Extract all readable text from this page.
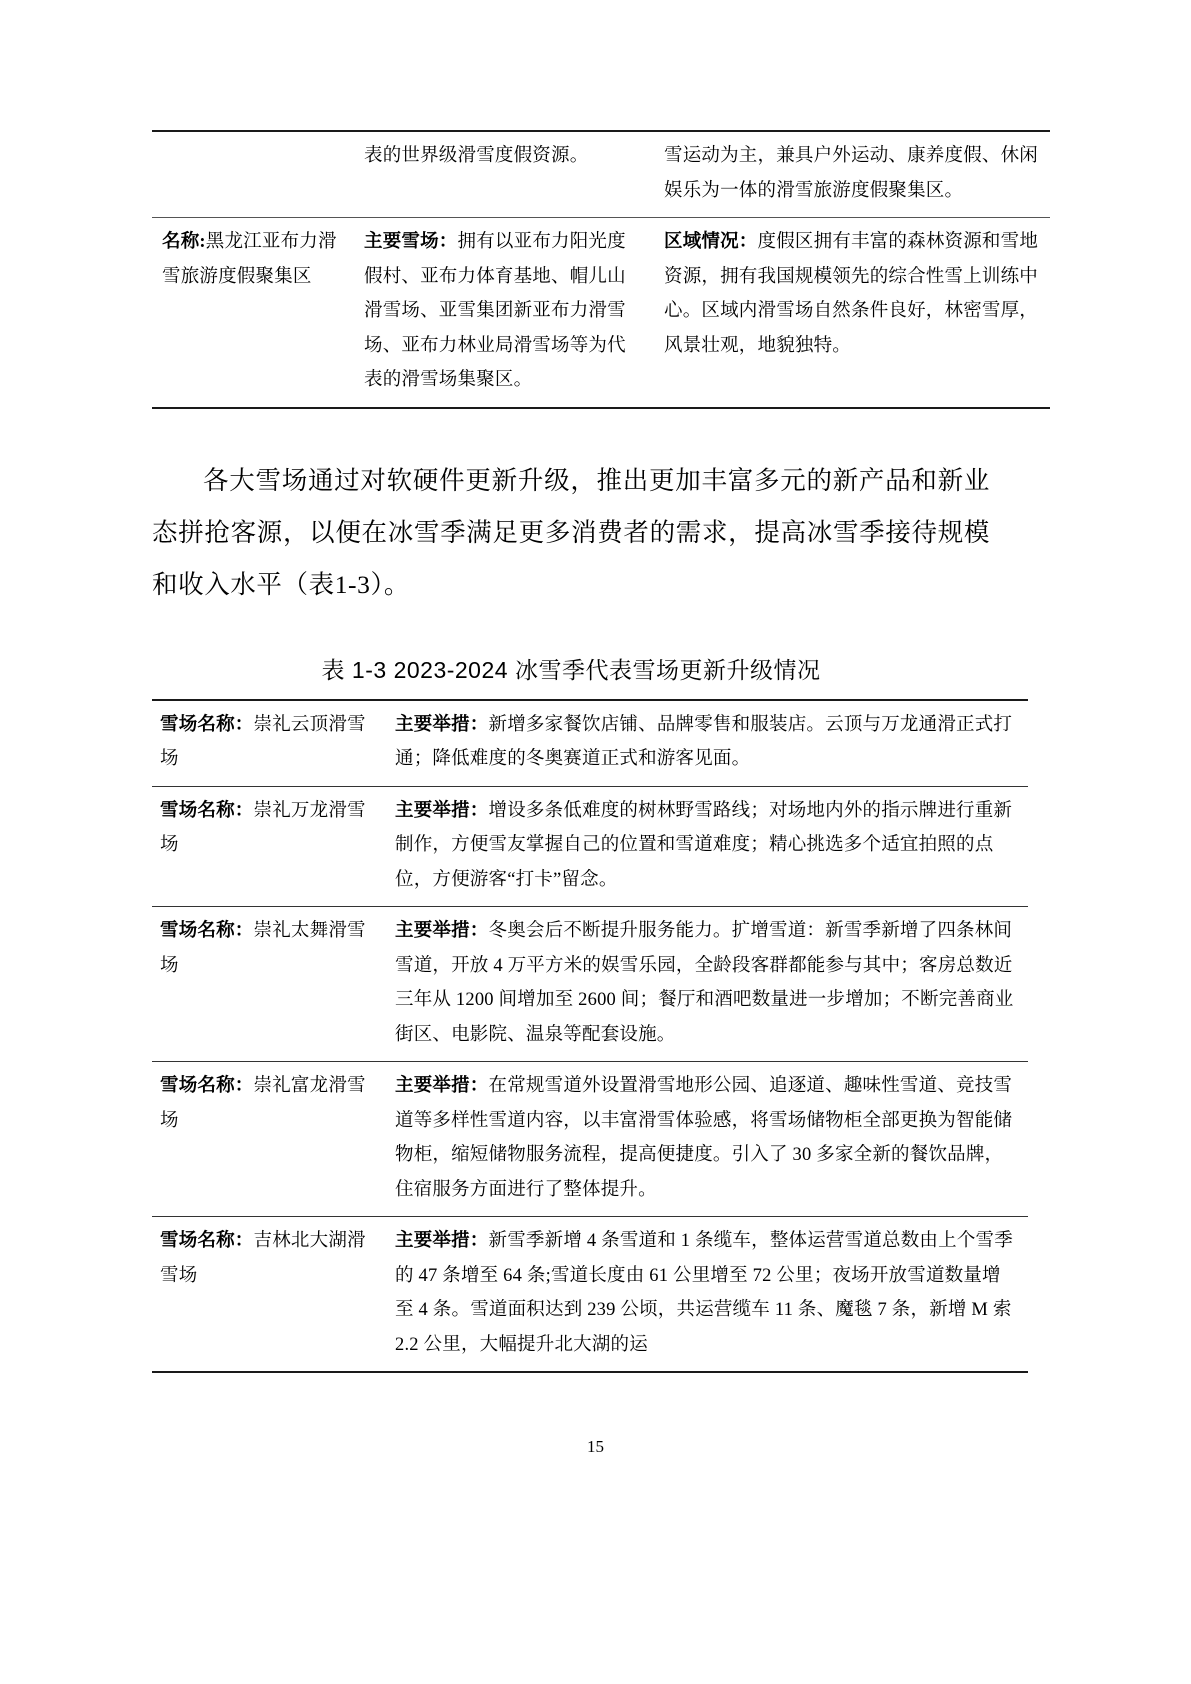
	表的世界级滑雪度假资源。	雪运动为主，兼具户外运动、康养度假、休闲娱乐为一体的滑雪旅游度假聚集区。

名称:黑龙江亚布力滑雪旅游度假聚集区	主要雪场：拥有以亚布力阳光度假村、亚布力体育基地、帽儿山滑雪场、亚雪集团新亚布力滑雪场、亚布力林业局滑雪场等为代表的滑雪场集聚区。	区域情况：度假区拥有丰富的森林资源和雪地资源，拥有我国规模领先的综合性雪上训练中心。区域内滑雪场自然条件良好，林密雪厚，风景壮观，地貌独特。

各大雪场通过对软硬件更新升级，推出更加丰富多元的新产品和新业态拼抢客源，以便在冰雪季满足更多消费者的需求，提高冰雪季接待规模和收入水平（表1-3）。

表 1-3 2023-2024 冰雪季代表雪场更新升级情况
雪场名称：崇礼云顶滑雪场	主要举措：新增多家餐饮店铺、品牌零售和服装店。云顶与万龙通滑正式打通；降低难度的冬奥赛道正式和游客见面。
雪场名称：崇礼万龙滑雪场	主要举措：增设多条低难度的树林野雪路线；对场地内外的指示牌进行重新制作，方便雪友掌握自己的位置和雪道难度；精心挑选多个适宜拍照的点位，方便游客“打卡”留念。
雪场名称：崇礼太舞滑雪场	主要举措：冬奥会后不断提升服务能力。扩增雪道：新雪季新增了四条林间雪道，开放 4 万平方米的娱雪乐园，全龄段客群都能参与其中；客房总数近三年从 1200 间增加至 2600 间；餐厅和酒吧数量进一步增加；不断完善商业街区、电影院、温泉等配套设施。
雪场名称：崇礼富龙滑雪场	主要举措：在常规雪道外设置滑雪地形公园、追逐道、趣味性雪道、竞技雪道等多样性雪道内容，以丰富滑雪体验感，将雪场储物柜全部更换为智能储物柜，缩短储物服务流程，提高便捷度。引入了 30 多家全新的餐饮品牌，住宿服务方面进行了整体提升。
雪场名称：吉林北大湖滑雪场	主要举措：新雪季新增 4 条雪道和 1 条缆车，整体运营雪道总数由上个雪季的 47 条增至 64 条;雪道长度由 61 公里增至 72 公里；夜场开放雪道数量增至 4 条。雪道面积达到 239 公顷，共运营缆车 11 条、魔毯 7 条，新增 M 索 2.2 公里，大幅提升北大湖的运
15
